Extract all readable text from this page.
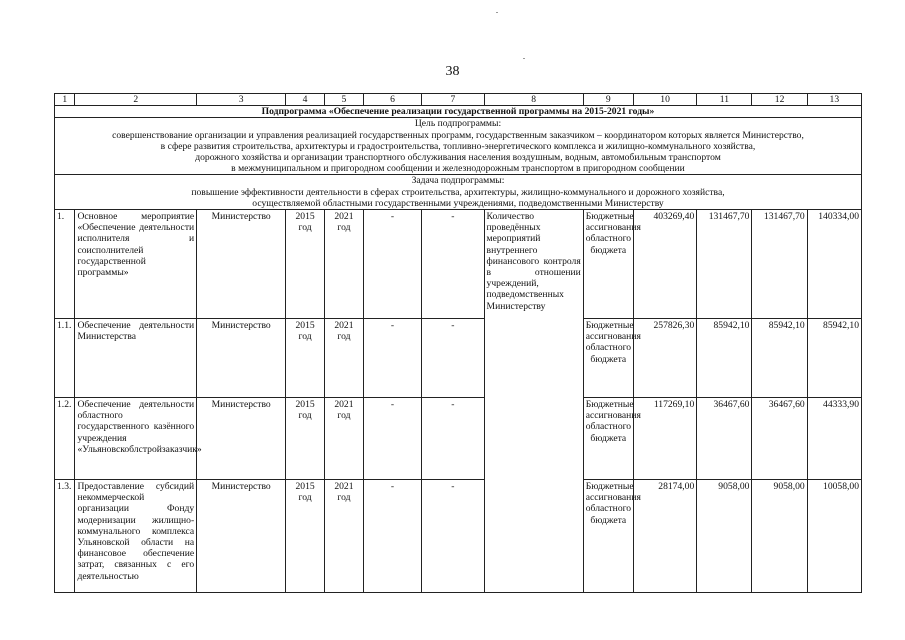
38
1	2	3	4	5	6	7	8	9	10	11	12	13
Подпрограмма «Обеспечение реализации государственной программы на 2015-2021 годы»												

Цель подпрограммы:
совершенствование организации и управления реализацией государственных программ, государственным заказчиком – координатором которых является Министерство,
в сфере развития строительства, архитектуры и градостроительства, топливно-энергетического комплекса и жилищно-коммунального хозяйства,
дорожного хозяйства и организации транспортного обслуживания населения воздушным, водным, автомобильным транспортом
в межмуниципальном и пригородном сообщении и железнодорожным транспортом в пригородном сообщении												

Задача подпрограммы:
повышение эффективности деятельности в сферах строительства, архитектуры, жилищно-коммунального и дорожного хозяйства,
осуществляемой областными государственными учреждениями, подведомственными Министерству												

1.	Основное мероприятие «Обеспечение деятельности исполнителя и соисполнителей государственной программы»	Министерство	2015 год	2021 год	-	-	Количество проведённых мероприятий внутреннего финансового контроля в отношении учреждений, подведомственных Министерству	Бюджетные ассигнования областного бюджета	403269,40	131467,70	131467,70	140334,00
1.1.	Обеспечение деятельности Министерства	Министерство	2015 год	2021 год	-	-		Бюджетные ассигнования областного бюджета	257826,30	85942,10	85942,10	85942,10
1.2.	Обеспечение деятельности областного государственного казённого учреждения «Ульяновскоблстройзаказчик»	Министерство	2015 год	2021 год	-	-		Бюджетные ассигнования областного бюджета	117269,10	36467,60	36467,60	44333,90
1.3.	Предоставление субсидий некоммерческой организации Фонду модернизации жилищно-коммунального комплекса Ульяновской области на финансовое обеспечение затрат, связанных с его деятельностью	Министерство	2015 год	2021 год	-	-		Бюджетные ассигнования областного бюджета	28174,00	9058,00	9058,00	10058,00
